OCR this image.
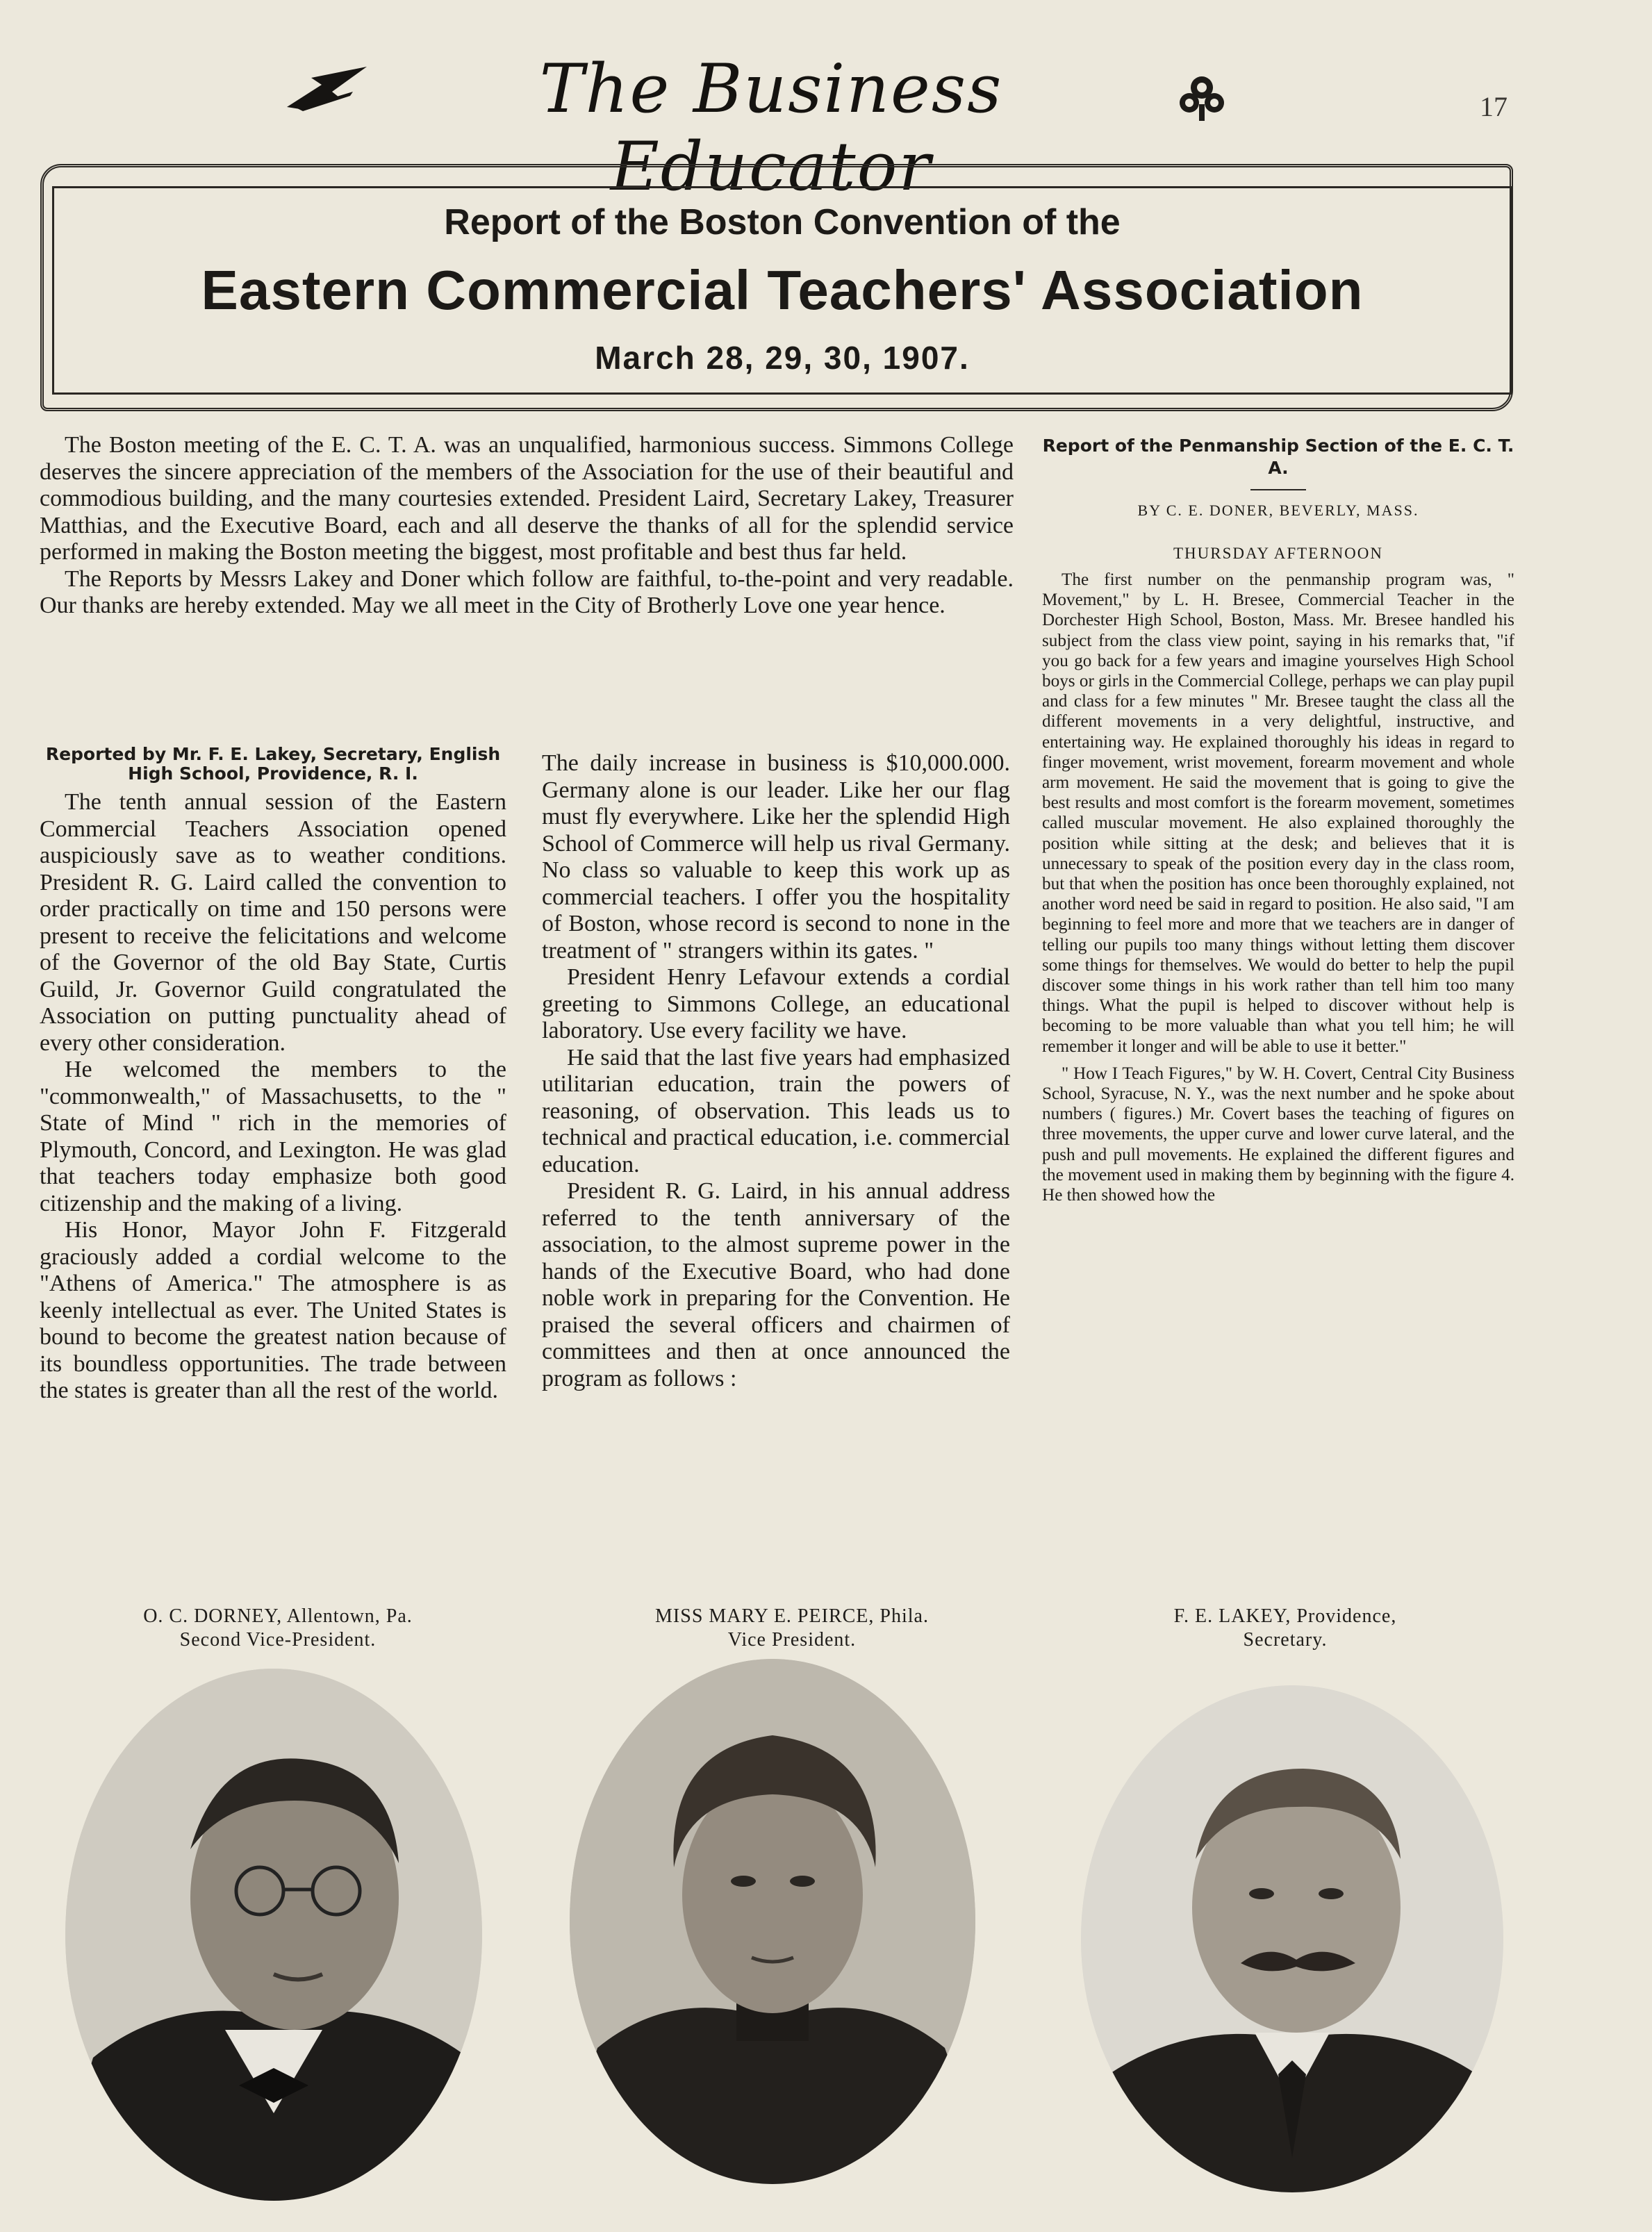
The Business Educator
17
Report of the Boston Convention of the
Eastern Commercial Teachers' Association
March 28, 29, 30, 1907.

The Boston meeting of the E. C. T. A. was an unqualified, harmonious success. Simmons College deserves the sincere appreciation of the members of the Association for the use of their beautiful and commodious building, and the many courtesies extended. President Laird, Secretary Lakey, Treasurer Matthias, and the Executive Board, each and all deserve the thanks of all for the splendid service performed in making the Boston meeting the biggest, most profitable and best thus far held.

The Reports by Messrs Lakey and Doner which follow are faithful, to-the-point and very readable. Our thanks are hereby extended. May we all meet in the City of Brotherly Love one year hence.

Reported by Mr. F. E. Lakey, Secretary, English High School, Providence, R. I.

The tenth annual session of the Eastern Commercial Teachers Association opened auspiciously save as to weather conditions. President R. G. Laird called the convention to order practically on time and 150 persons were present to receive the felicitations and welcome of the Governor of the old Bay State, Curtis Guild, Jr. Governor Guild congratulated the Association on putting punctuality ahead of every other consideration.

He welcomed the members to the "commonwealth," of Massachusetts, to the " State of Mind " rich in the memories of Plymouth, Concord, and Lexington. He was glad that teachers today emphasize both good citizenship and the making of a living.

His Honor, Mayor John F. Fitzgerald graciously added a cordial welcome to the "Athens of America." The atmosphere is as keenly intellectual as ever. The United States is bound to become the greatest nation because of its boundless opportunities. The trade between the states is greater than all the rest of the world.

The daily increase in business is $10,000.000. Germany alone is our leader. Like her our flag must fly everywhere. Like her the splendid High School of Commerce will help us rival Germany. No class so valuable to keep this work up as commercial teachers. I offer you the hospitality of Boston, whose record is second to none in the treatment of " strangers within its gates. "

President Henry Lefavour extends a cordial greeting to Simmons College, an educational laboratory. Use every facility we have.

He said that the last five years had emphasized utilitarian education, train the powers of reasoning, of observation. This leads us to technical and practical education, i.e. commercial education.

President R. G. Laird, in his annual address referred to the tenth anniversary of the association, to the almost supreme power in the hands of the Executive Board, who had done noble work in preparing for the Convention. He praised the several officers and chairmen of committees and then at once announced the program as follows :

Report of the Penmanship Section of the E. C. T. A.
BY C. E. DONER, BEVERLY, MASS.
THURSDAY AFTERNOON

The first number on the penmanship program was, " Movement," by L. H. Bresee, Commercial Teacher in the Dorchester High School, Boston, Mass. Mr. Bresee handled his subject from the class view point, saying in his remarks that, "if you go back for a few years and imagine yourselves High School boys or girls in the Commercial College, perhaps we can play pupil and class for a few minutes " Mr. Bresee taught the class all the different movements in a very delightful, instructive, and entertaining way. He explained thoroughly his ideas in regard to finger movement, wrist movement, forearm movement and whole arm movement. He said the movement that is going to give the best results and most comfort is the forearm movement, sometimes called muscular movement. He also explained thoroughly the position while sitting at the desk; and believes that it is unnecessary to speak of the position every day in the class room, but that when the position has once been thoroughly explained, not another word need be said in regard to position. He also said, "I am beginning to feel more and more that we teachers are in danger of telling our pupils too many things without letting them discover some things for themselves. We would do better to help the pupil discover some things in his work rather than tell him too many things. What the pupil is helped to discover without help is becoming to be more valuable than what you tell him; he will remember it longer and will be able to use it better."

" How I Teach Figures," by W. H. Covert, Central City Business School, Syracuse, N. Y., was the next number and he spoke about numbers ( figures.) Mr. Covert bases the teaching of figures on three movements, the upper curve and lower curve lateral, and the push and pull movements. He explained the different figures and the movement used in making them by beginning with the figure 4. He then showed how the

O. C. DORNEY, Allentown, Pa.
Second Vice-President.
MISS MARY E. PEIRCE, Phila.
Vice President.
F. E. LAKEY, Providence,
Secretary.
